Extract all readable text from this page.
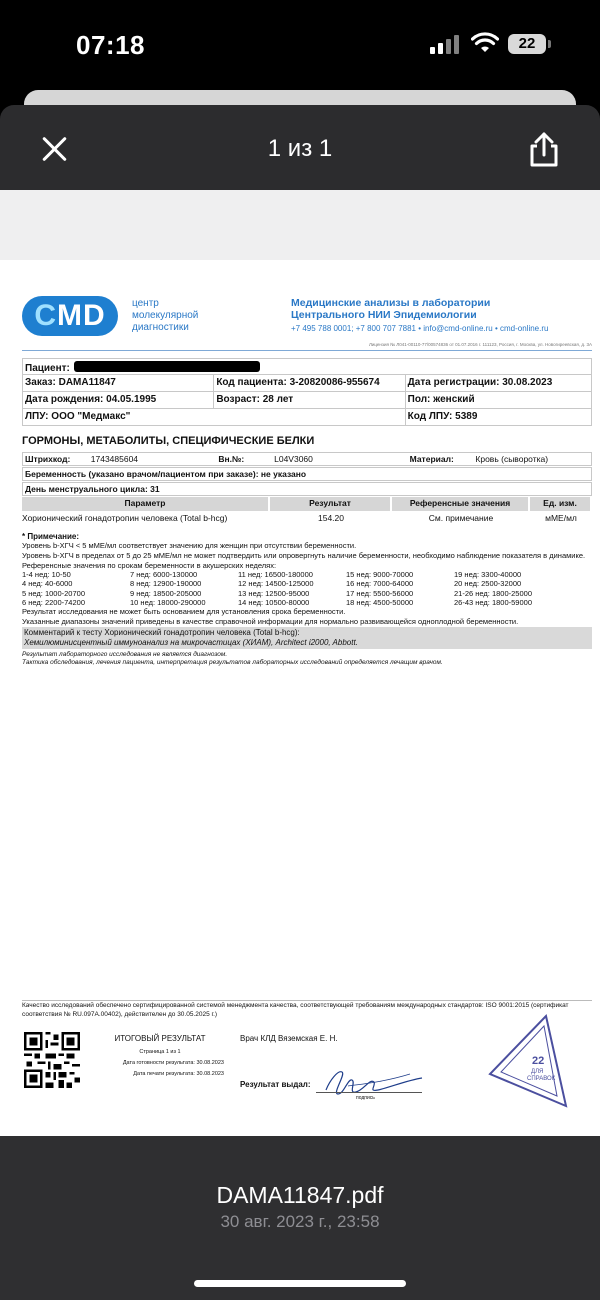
07:18	22
1 из 1
CMD	центр
молекулярной
диагностики
Медицинские анализы в лаборатории
Центрального НИИ Эпидемиологии
+7 495 788 0001; +7 800 707 7881 • info@cmd-online.ru • cmd-online.ru
Лицензия № Л041-00110-77/00574836 от 01.07.2016 г. 111123, Россия, г. Москва, ул. Новогиреевская, д. 3А
Пациент:
Заказ: DAMA11847	Код пациента: 3-20820086-955674	Дата регистрации: 30.08.2023
Дата рождения: 04.05.1995	Возраст: 28 лет	Пол: женский
ЛПУ: ООО "Медмакс"	Код ЛПУ: 5389
ГОРМОНЫ, МЕТАБОЛИТЫ, СПЕЦИФИЧЕСКИЕ БЕЛКИ
Штрихкод:	1743485604	Вн.№:	L04V3060	Материал:	Кровь (сыворотка)
Беременность (указано врачом/пациентом при заказе): не указано
День менструального цикла: 31
Параметр	Результат	Референсные значения	Ед. изм.
Хорионический гонадотропин человека (Total b-hcg)	154.20	См. примечание	мМЕ/мл
* Примечание:
Уровень b-ХГЧ < 5 мМЕ/мл соответствует значению для женщин при отсутствии беременности.
Уровень b-ХГЧ в пределах от 5 до 25 мМЕ/мл не может подтвердить или опровергнуть наличие беременности, необходимо наблюдение показателя в динамике.
Референсные значения по срокам беременности в акушерских неделях:
1-4 нед: 10-50	7 нед: 6000-130000	11 нед: 16500-180000	15 нед: 9000-70000	19 нед: 3300-40000
4 нед: 40-6000	8 нед: 12900-190000	12 нед: 14500-125000	16 нед: 7000-64000	20 нед: 2500-32000
5 нед: 1000-20700	9 нед: 18500-205000	13 нед: 12500-95000	17 нед: 5500-56000	21-26 нед: 1800-25000
6 нед: 2200-74200	10 нед: 18000-290000	14 нед: 10500-80000	18 нед: 4500-50000	26-43 нед: 1800-59000
Результат исследования не может быть основанием для установления срока беременности.
Указанные диапазоны значений приведены в качестве справочной информации для нормально развивающейся одноплодной беременности.
Комментарий к тесту Хорионический гонадотропин человека (Total b-hcg):
Хемилюминисцентный иммуноанализ на микрочастицах (ХИАМ), Architect i2000, Abbott.
Результат лабораторного исследования не является диагнозом.
Тактика обследования, лечения пациента, интерпретация результатов лабораторных исследований определяется лечащим врачом.
Качество исследований обеспечено сертифицированной системой менеджмента качества, соответствующей требованиям международных стандартов: ISO 9001:2015 (сертификат соответствия № RU.097A.00402), действителен до 30.05.2025 г.)
ИТОГОВЫЙ РЕЗУЛЬТАТ
Страница 1 из 1
Дата готовности результата: 30.08.2023
Дата печати результата: 30.08.2023
Врач КЛД Вяземская Е. Н.
Результат выдал:
подпись
22
ДЛЯ
СПРАВОК
DAMA11847.pdf
30 авг. 2023 г., 23:58
